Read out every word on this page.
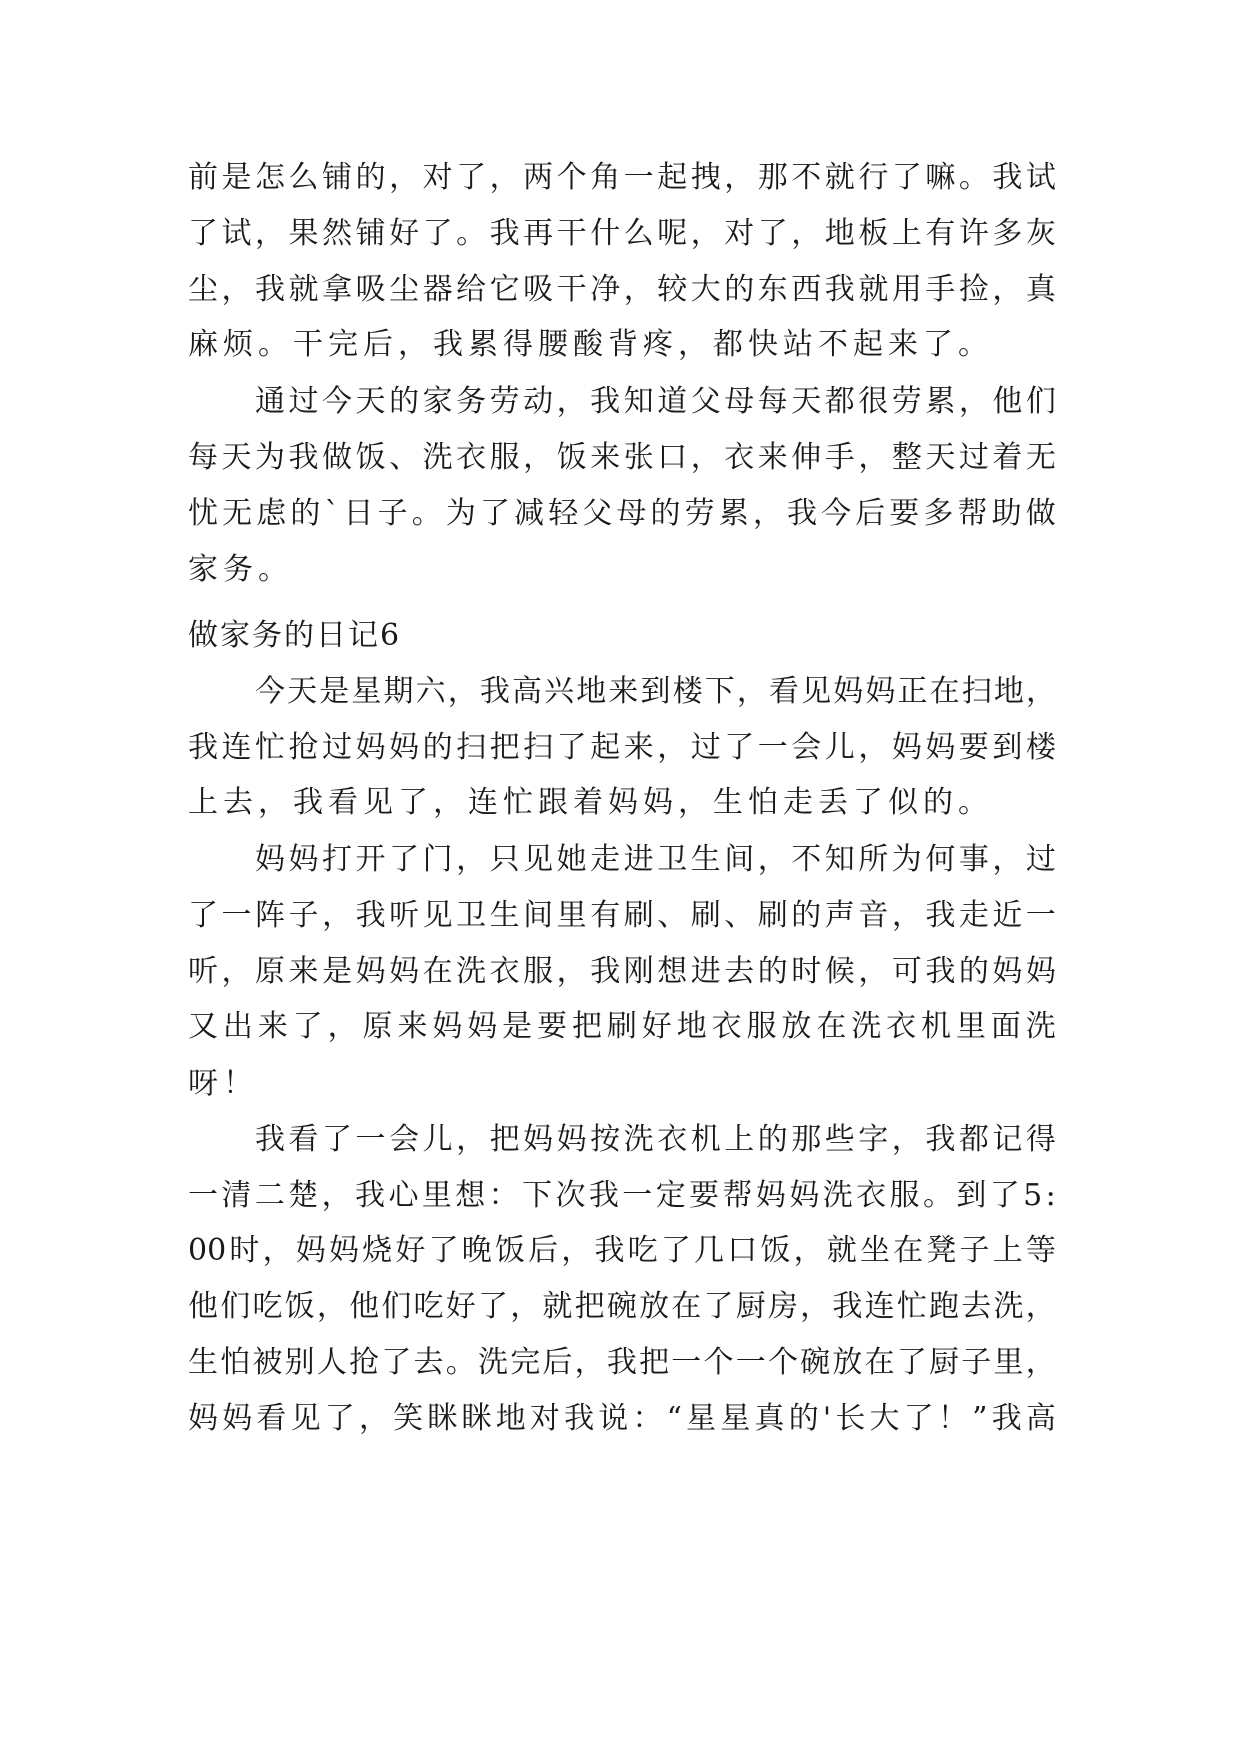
前 是 怎 么 铺 的 ， 对 了 ， 两 个 角 一 起 拽 ， 那 不 就 行 了 嘛 。 我 试
了 试 ， 果 然 铺 好 了 。 我 再 干 什 么 呢 ， 对 了 ， 地 板 上 有 许 多 灰
尘 ， 我 就 拿 吸 尘 器 给 它 吸 干 净 ， 较 大 的 东 西 我 就 用 手 捡 ， 真
麻烦。干完后，我累得腰酸背疼，都快站不起来了。
通 过 今 天 的 家 务 劳 动 ， 我 知 道 父 母 每 天 都 很 劳 累 ， 他 们
每 天 为 我 做 饭 、 洗 衣 服 ， 饭 来 张 口 ， 衣 来 伸 手 ， 整 天 过 着 无
忧 无 虑 的 ` 日 子 。 为 了 减 轻 父 母 的 劳 累 ， 我 今 后 要 多 帮 助 做
家务。
做家务的日记6
今 天 是 星 期 六 ， 我 高 兴 地 来 到 楼 下 ， 看 见 妈 妈 正 在 扫 地 ，
我 连 忙 抢 过 妈 妈 的 扫 把 扫 了 起 来 ， 过 了 一 会 儿 ， 妈 妈 要 到 楼
上去，我看见了，连忙跟着妈妈，生怕走丢了似的。
妈 妈 打 开 了 门 ， 只 见 她 走 进 卫 生 间 ， 不 知 所 为 何 事 ， 过
了 一 阵 子 ， 我 听 见 卫 生 间 里 有 刷 、 刷 、 刷 的 声 音 ， 我 走 近 一
听 ， 原 来 是 妈 妈 在 洗 衣 服 ， 我 刚 想 进 去 的 时 候 ， 可 我 的 妈 妈
又 出 来 了 ， 原 来 妈 妈 是 要 把 刷 好 地 衣 服 放 在 洗 衣 机 里 面 洗
呀！
我 看 了 一 会 儿 ， 把 妈 妈 按 洗 衣 机 上 的 那 些 字 ， 我 都 记 得
一 清 二 楚 ， 我 心 里 想 ： 下 次 我 一 定 要 帮 妈 妈 洗 衣 服 。 到 了 5 :
00 时 ， 妈 妈 烧 好 了 晚 饭 后 ， 我 吃 了 几 口 饭 ， 就 坐 在 凳 子 上 等
他 们 吃 饭 ， 他 们 吃 好 了 ， 就 把 碗 放 在 了 厨 房 ， 我 连 忙 跑 去 洗 ，
生 怕 被 别 人 抢 了 去 。 洗 完 后 ， 我 把 一 个 一 个 碗 放 在 了 厨 子 里 ，
妈 妈 看 见 了 ， 笑 眯 眯 地 对 我 说 ： “ 星 星 真 的 ' 长 大 了 ！ ” 我 高
